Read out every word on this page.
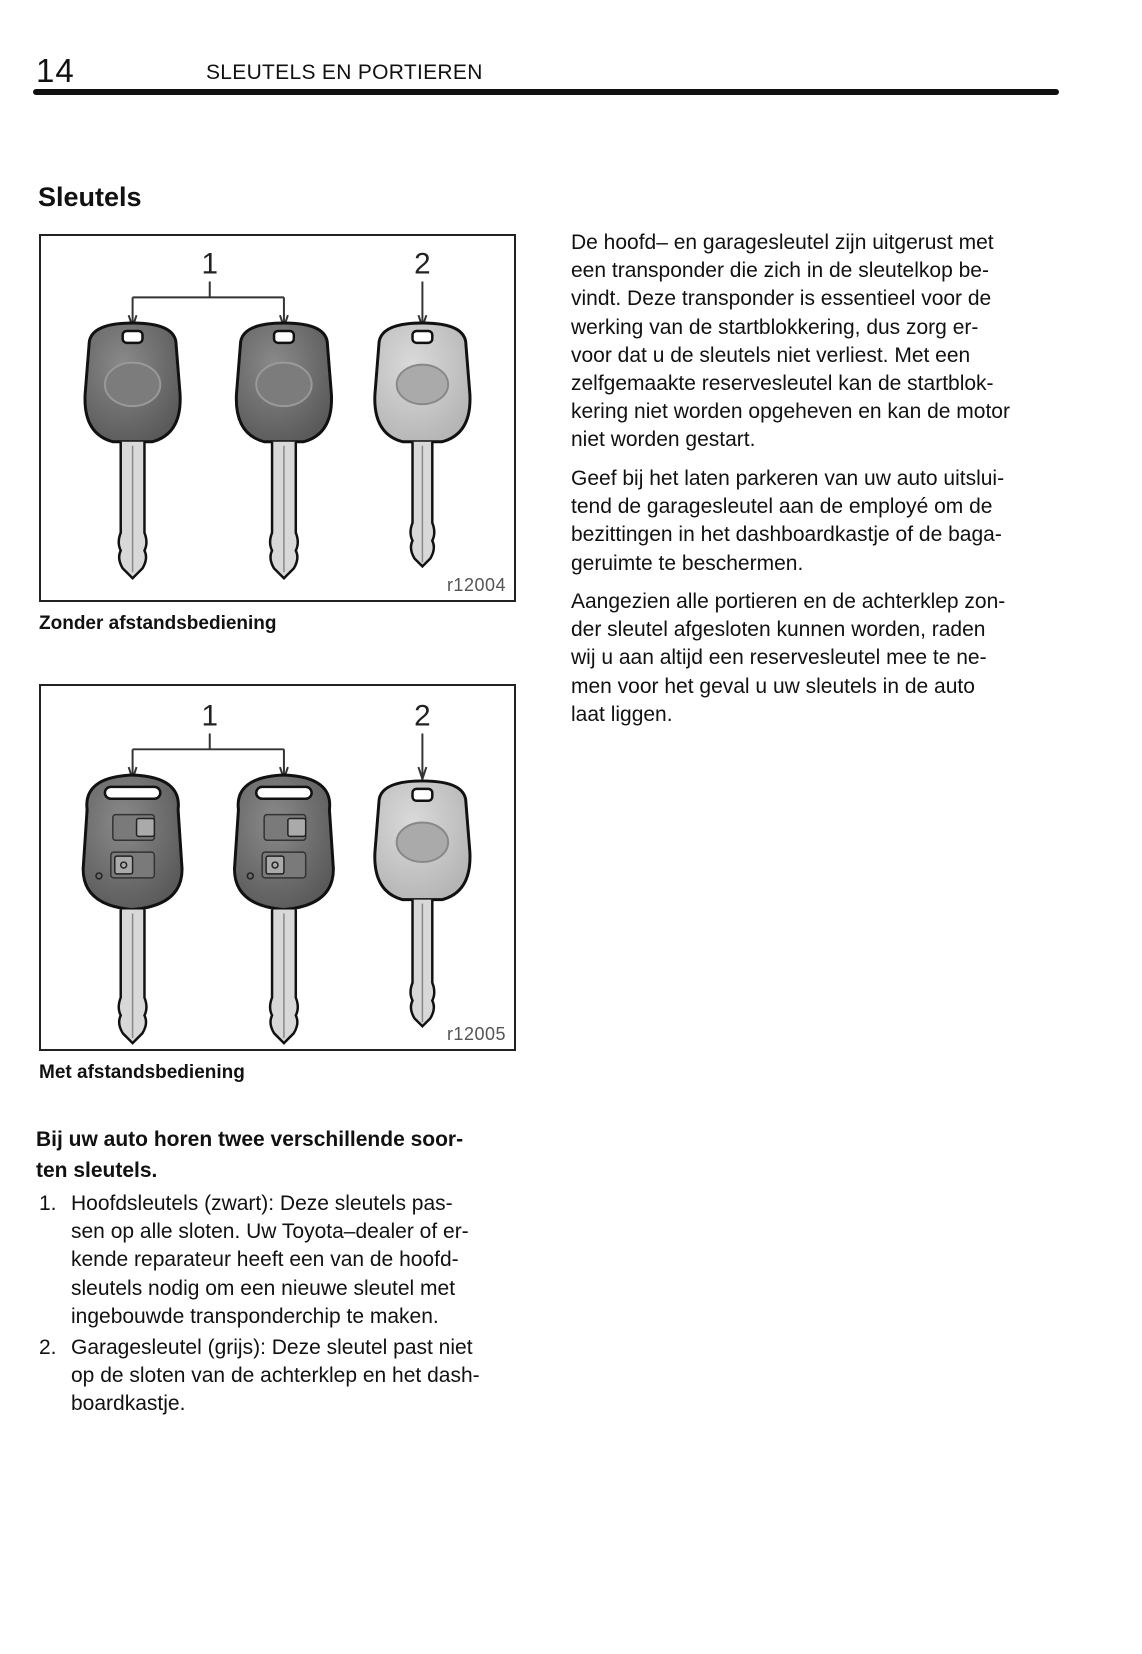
14	SLEUTELS EN PORTIEREN
Sleutels
1	2
r12004
Zonder afstandsbediening
1	2
r12005
Met afstandsbediening
Bij uw auto horen twee verschillende soor-
ten sleutels.
1. Hoofdsleutels (zwart): Deze sleutels pas-
sen op alle sloten. Uw Toyota–dealer of er-
kende reparateur heeft een van de hoofd-
sleutels nodig om een nieuwe sleutel met
ingebouwde transponderchip te maken.
2. Garagesleutel (grijs): Deze sleutel past niet
op de sloten van de achterklep en het dash-
boardkastje.
De hoofd– en garagesleutel zijn uitgerust met
een transponder die zich in de sleutelkop be-
vindt. Deze transponder is essentieel voor de
werking van de startblokkering, dus zorg er-
voor dat u de sleutels niet verliest. Met een
zelfgemaakte reservesleutel kan de startblok-
kering niet worden opgeheven en kan de motor
niet worden gestart.
Geef bij het laten parkeren van uw auto uitslui-
tend de garagesleutel aan de employé om de
bezittingen in het dashboardkastje of de baga-
geruimte te beschermen.
Aangezien alle portieren en de achterklep zon-
der sleutel afgesloten kunnen worden, raden
wij u aan altijd een reservesleutel mee te ne-
men voor het geval u uw sleutels in de auto
laat liggen.
